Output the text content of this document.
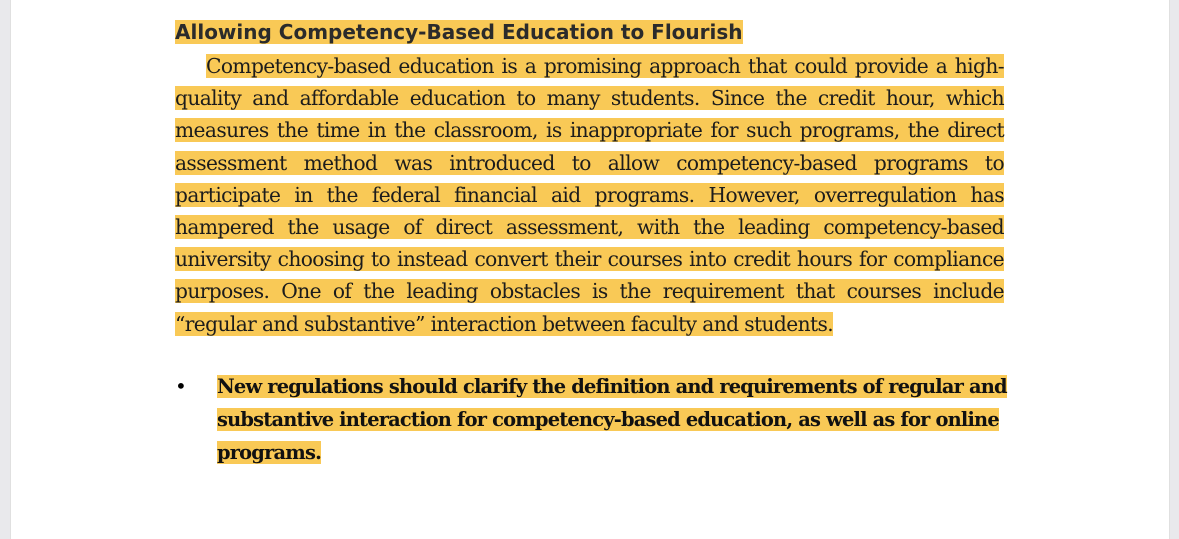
Allowing Competency-Based Education to Flourish

Competency-based education is a promising approach that could provide a high-quality and affordable education to many students. Since the credit hour, which measures the time in the classroom, is inappropriate for such programs, the direct assessment method was introduced to allow competency-based programs to participate in the federal financial aid programs. However, overregulation has hampered the usage of direct assessment, with the leading competency-based university choosing to instead convert their courses into credit hours for compliance purposes. One of the leading obstacles is the requirement that courses include “regular and substantive” interaction between faculty and students.

• New regulations should clarify the definition and requirements of regular and substantive interaction for competency-based education, as well as for online programs.
